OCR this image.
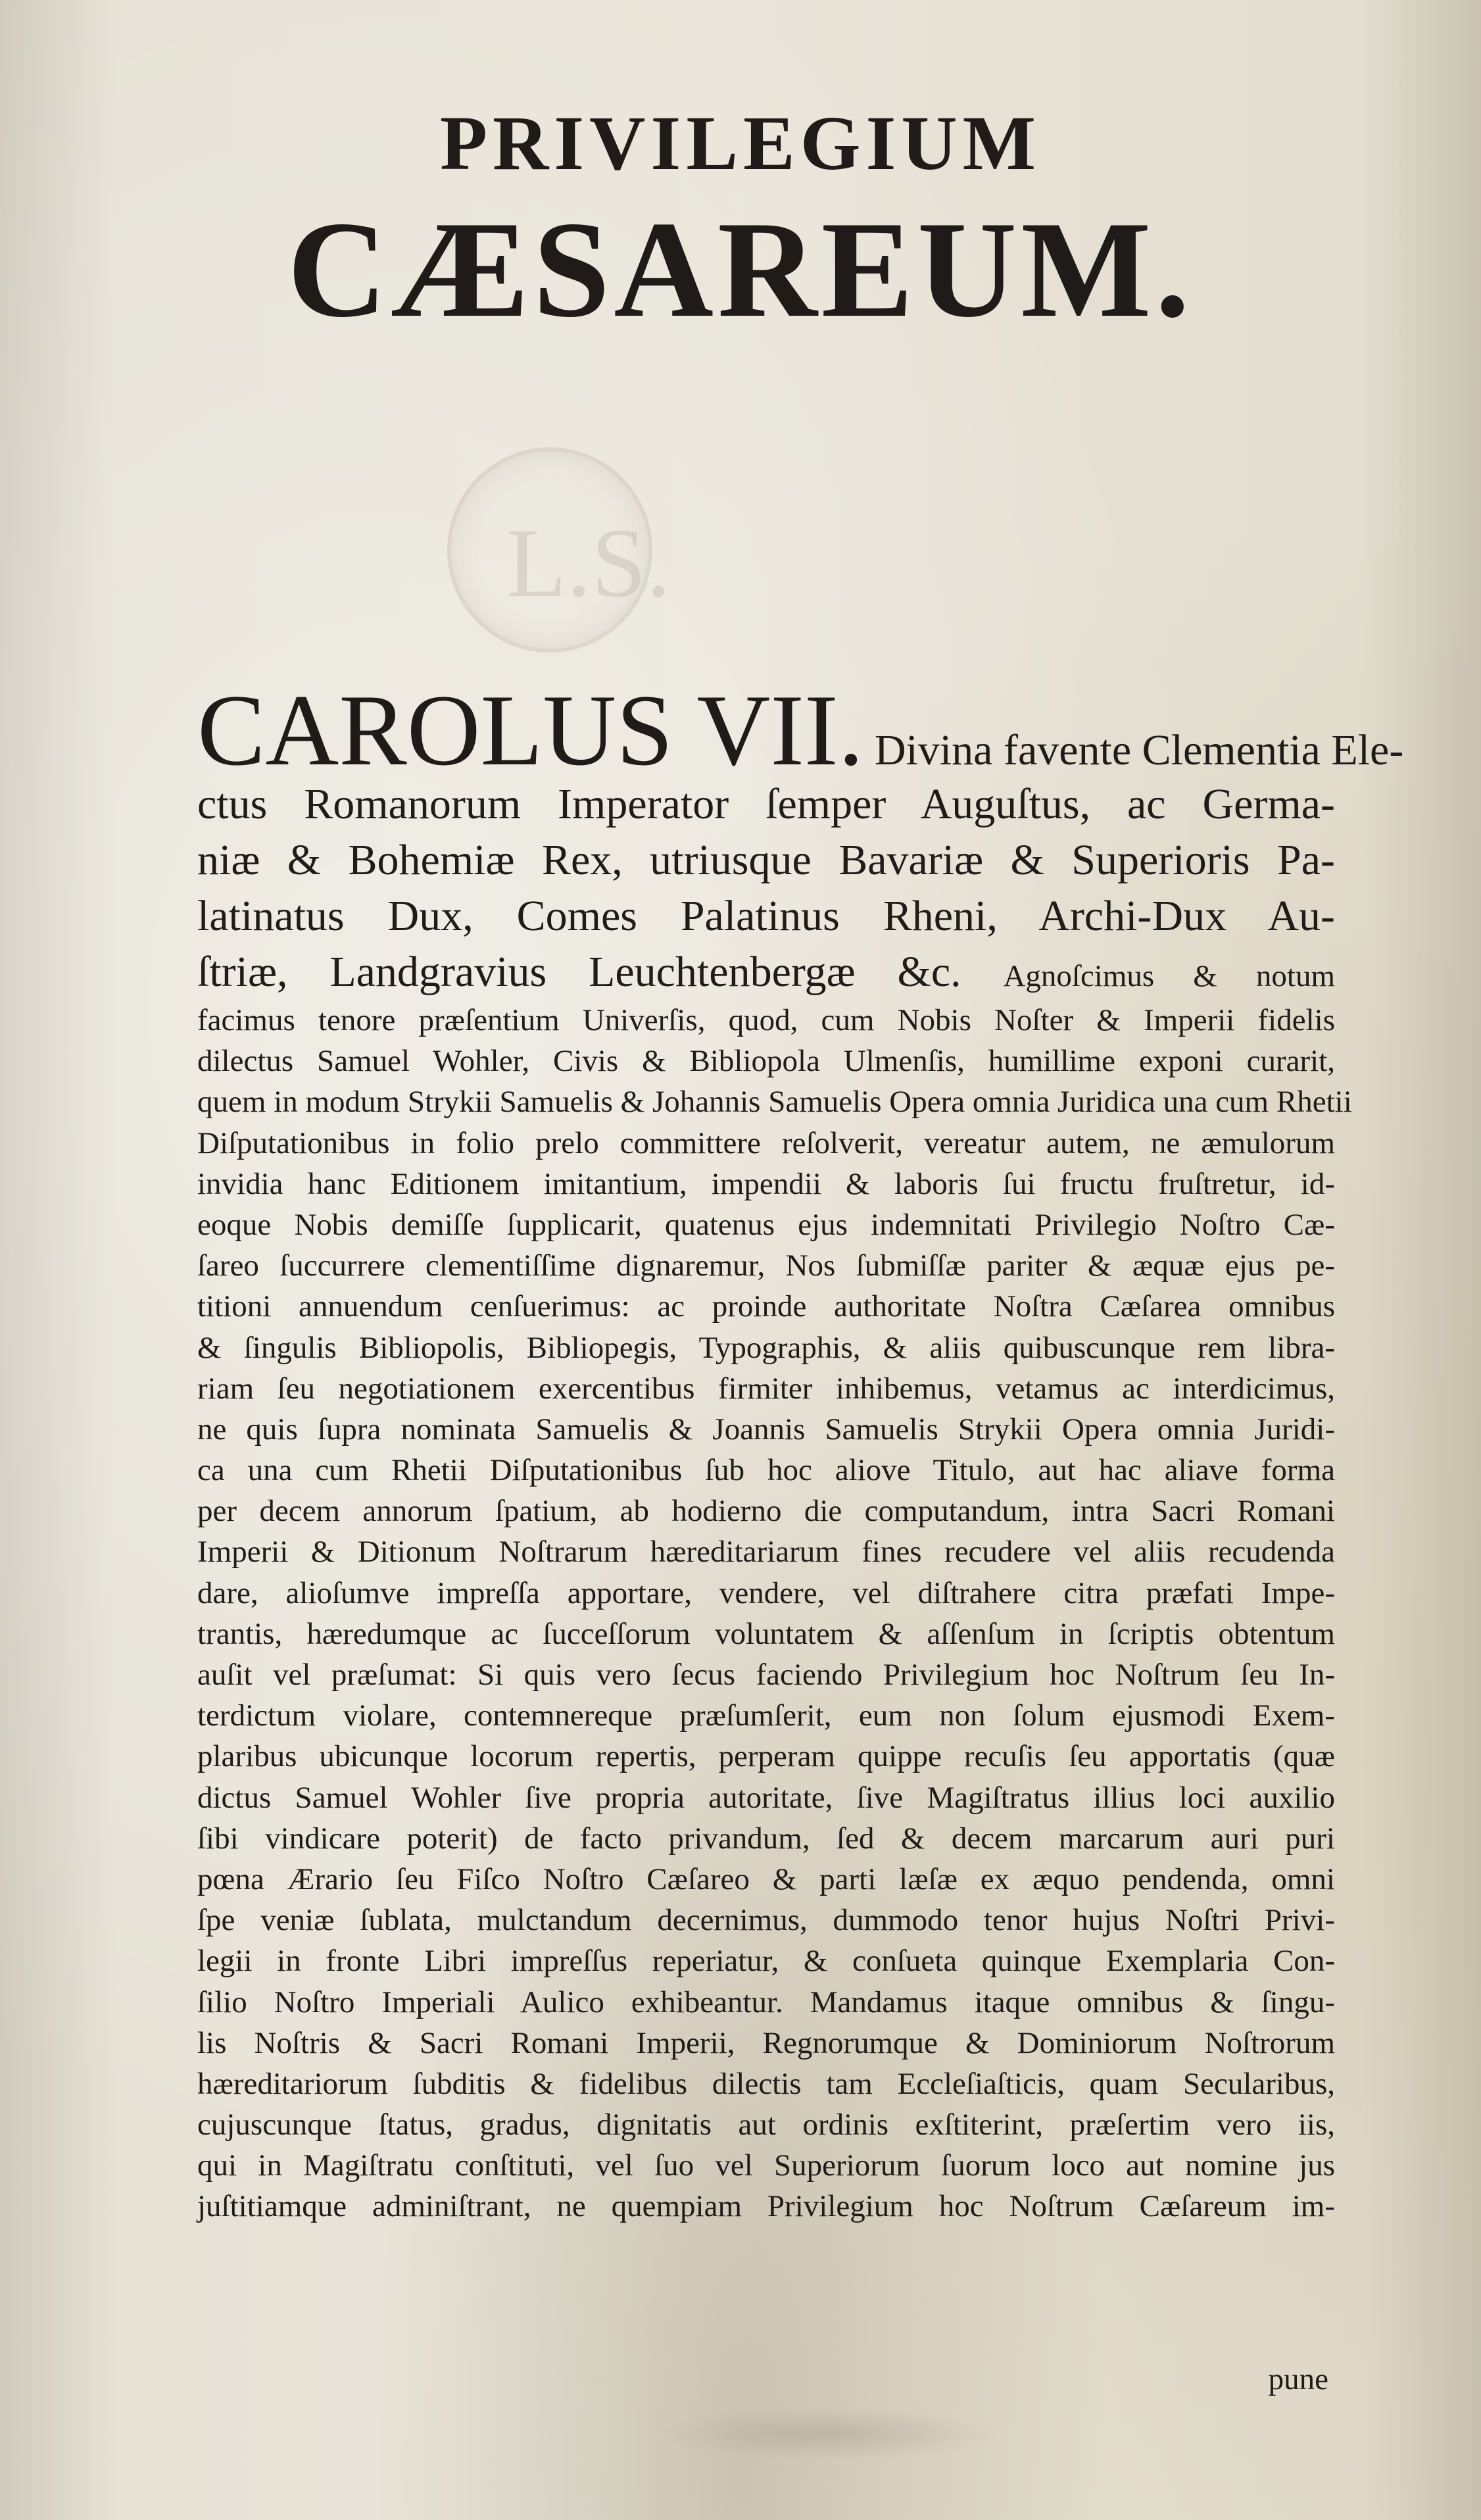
L.S.
PRIVILEGIUM
CÆSAREUM.
CAROLUS VII. Divina favente Clementia Ele-
ctus Romanorum Imperator ſemper Auguſtus, ac Germa-
niæ & Bohemiæ Rex, utriusque Bavariæ & Superioris Pa-
latinatus Dux, Comes Palatinus Rheni, Archi-Dux Au-
ſtriæ, Landgravius Leuchtenbergæ &c. Agnoſcimus & notum
facimus tenore præſentium Univerſis, quod, cum Nobis Noſter & Imperii fidelis
dilectus Samuel Wohler, Civis & Bibliopola Ulmenſis, humillime exponi curarit,
quem in modum Strykii Samuelis & Johannis Samuelis Opera omnia Juridica una cum Rhetii
Diſputationibus in folio prelo committere reſolverit, vereatur autem, ne æmulorum
invidia hanc Editionem imitantium, impendii & laboris ſui fructu fruſtretur, id-
eoque Nobis demiſſe ſupplicarit, quatenus ejus indemnitati Privilegio Noſtro Cæ-
ſareo ſuccurrere clementiſſime dignaremur, Nos ſubmiſſæ pariter & æquæ ejus pe-
titioni annuendum cenſuerimus: ac proinde authoritate Noſtra Cæſarea omnibus
& ſingulis Bibliopolis, Bibliopegis, Typographis, & aliis quibuscunque rem libra-
riam ſeu negotiationem exercentibus firmiter inhibemus, vetamus ac interdicimus,
ne quis ſupra nominata Samuelis & Joannis Samuelis Strykii Opera omnia Juridi-
ca una cum Rhetii Diſputationibus ſub hoc aliove Titulo, aut hac aliave forma
per decem annorum ſpatium, ab hodierno die computandum, intra Sacri Romani
Imperii & Ditionum Noſtrarum hæreditariarum fines recudere vel aliis recudenda
dare, alioſumve impreſſa apportare, vendere, vel diſtrahere citra præfati Impe-
trantis, hæredumque ac ſucceſſorum voluntatem & aſſenſum in ſcriptis obtentum
auſit vel præſumat: Si quis vero ſecus faciendo Privilegium hoc Noſtrum ſeu In-
terdictum violare, contemnereque præſumſerit, eum non ſolum ejusmodi Exem-
plaribus ubicunque locorum repertis, perperam quippe recuſis ſeu apportatis (quæ
dictus Samuel Wohler ſive propria autoritate, ſive Magiſtratus illius loci auxilio
ſibi vindicare poterit) de facto privandum, ſed & decem marcarum auri puri
pœna Ærario ſeu Fiſco Noſtro Cæſareo & parti læſæ ex æquo pendenda, omni
ſpe veniæ ſublata, mulctandum decernimus, dummodo tenor hujus Noſtri Privi-
legii in fronte Libri impreſſus reperiatur, & conſueta quinque Exemplaria Con-
ſilio Noſtro Imperiali Aulico exhibeantur. Mandamus itaque omnibus & ſingu-
lis Noſtris & Sacri Romani Imperii, Regnorumque & Dominiorum Noſtrorum
hæreditariorum ſubditis & fidelibus dilectis tam Eccleſiaſticis, quam Secularibus,
cujuscunque ſtatus, gradus, dignitatis aut ordinis exſtiterint, præſertim vero iis,
qui in Magiſtratu conſtituti, vel ſuo vel Superiorum ſuorum loco aut nomine jus
juſtitiamque adminiſtrant, ne quempiam Privilegium hoc Noſtrum Cæſareum im-
pune
